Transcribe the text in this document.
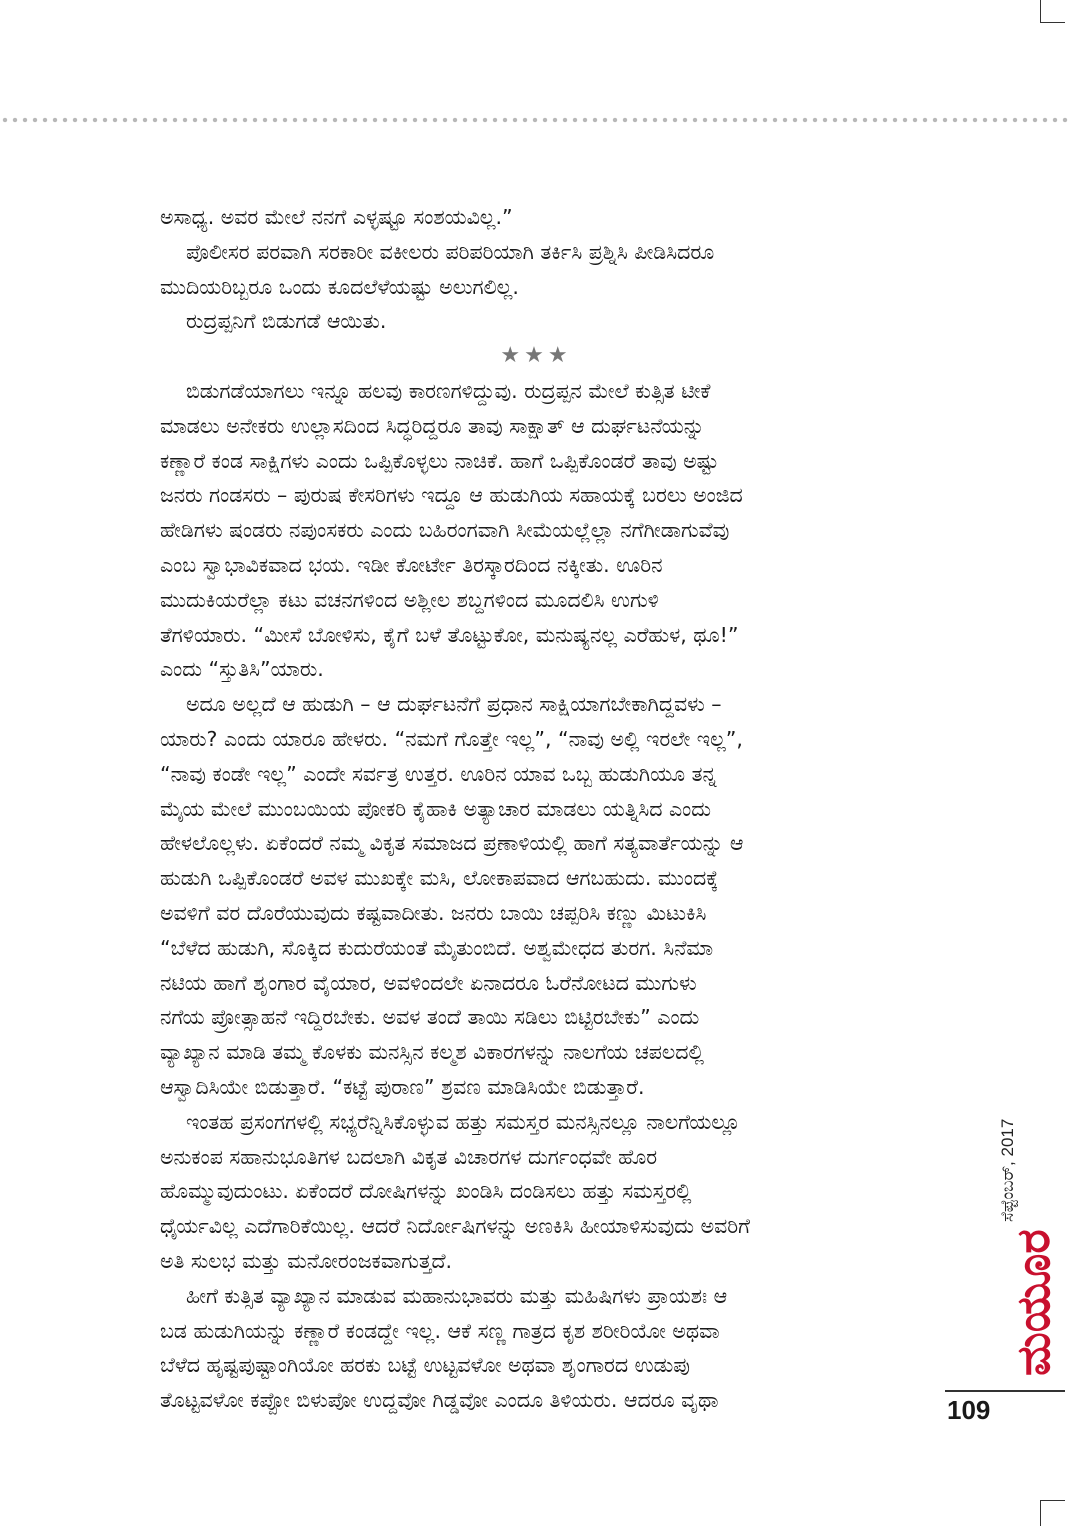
ಅಸಾಧ್ಯ. ಅವರ ಮೇಲೆ ನನಗೆ ಎಳ್ಳಷ್ಟೂ ಸಂಶಯವಿಲ್ಲ.”

ಪೊಲೀಸರ ಪರವಾಗಿ ಸರಕಾರೀ ವಕೀಲರು ಪರಿಪರಿಯಾಗಿ ತರ್ಕಿಸಿ ಪ್ರಶ್ನಿಸಿ ಪೀಡಿಸಿದರೂ

ಮುದಿಯರಿಬ್ಬರೂ ಒಂದು ಕೂದಲೆಳೆಯಷ್ಟು ಅಲುಗಲಿಲ್ಲ.

ರುದ್ರಪ್ಪನಿಗೆ ಬಿಡುಗಡೆ ಆಯಿತು.

★★★

ಬಿಡುಗಡೆಯಾಗಲು ಇನ್ನೂ ಹಲವು ಕಾರಣಗಳಿದ್ದುವು. ರುದ್ರಪ್ಪನ ಮೇಲೆ ಕುತ್ಸಿತ ಟೀಕೆ

ಮಾಡಲು ಅನೇಕರು ಉಲ್ಲಾಸದಿಂದ ಸಿದ್ಧರಿದ್ದರೂ ತಾವು ಸಾಕ್ಷಾತ್ ಆ ದುರ್ಘಟನೆಯನ್ನು

ಕಣ್ಣಾರೆ ಕಂಡ ಸಾಕ್ಷಿಗಳು ಎಂದು ಒಪ್ಪಿಕೊಳ್ಳಲು ನಾಚಿಕೆ. ಹಾಗೆ ಒಪ್ಪಿಕೊಂಡರೆ ತಾವು ಅಷ್ಟು

ಜನರು ಗಂಡಸರು – ಪುರುಷ ಕೇಸರಿಗಳು ಇದ್ದೂ ಆ ಹುಡುಗಿಯ ಸಹಾಯಕ್ಕೆ ಬರಲು ಅಂಜಿದ

ಹೇಡಿಗಳು ಷಂಡರು ನಪುಂಸಕರು ಎಂದು ಬಹಿರಂಗವಾಗಿ ಸೀಮೆಯಲ್ಲೆಲ್ಲಾ ನಗೆಗೀಡಾಗುವೆವು

ಎಂಬ ಸ್ವಾಭಾವಿಕವಾದ ಭಯ. ಇಡೀ ಕೋರ್ಟೇ ತಿರಸ್ಕಾರದಿಂದ ನಕ್ಕೀತು. ಊರಿನ

ಮುದುಕಿಯರೆಲ್ಲಾ ಕಟು ವಚನಗಳಿಂದ ಅಶ್ಲೀಲ ಶಬ್ದಗಳಿಂದ ಮೂದಲಿಸಿ ಉಗುಳಿ

ತೆಗಳಿಯಾರು. “ಮೀಸೆ ಬೋಳಿಸು, ಕೈಗೆ ಬಳೆ ತೊಟ್ಟುಕೋ, ಮನುಷ್ಯನಲ್ಲ ಎರೆಹುಳ, ಥೂ!”

ಎಂದು “ಸ್ತುತಿಸಿ”ಯಾರು.

ಅದೂ ಅಲ್ಲದೆ ಆ ಹುಡುಗಿ – ಆ ದುರ್ಘಟನೆಗೆ ಪ್ರಧಾನ ಸಾಕ್ಷಿಯಾಗಬೇಕಾಗಿದ್ದವಳು –

ಯಾರು? ಎಂದು ಯಾರೂ ಹೇಳರು. “ನಮಗೆ ಗೊತ್ತೇ ಇಲ್ಲ”, “ನಾವು ಅಲ್ಲಿ ಇರಲೇ ಇಲ್ಲ”,

“ನಾವು ಕಂಡೇ ಇಲ್ಲ” ಎಂದೇ ಸರ್ವತ್ರ ಉತ್ತರ. ಊರಿನ ಯಾವ ಒಬ್ಬ ಹುಡುಗಿಯೂ ತನ್ನ

ಮೈಯ ಮೇಲೆ ಮುಂಬಯಿಯ ಪೋಕರಿ ಕೈಹಾಕಿ ಅತ್ಯಾಚಾರ ಮಾಡಲು ಯತ್ನಿಸಿದ ಎಂದು

ಹೇಳಲೊಲ್ಲಳು. ಏಕೆಂದರೆ ನಮ್ಮ ವಿಕೃತ ಸಮಾಜದ ಪ್ರಣಾಳಿಯಲ್ಲಿ ಹಾಗೆ ಸತ್ಯವಾರ್ತೆಯನ್ನು ಆ

ಹುಡುಗಿ ಒಪ್ಪಿಕೊಂಡರೆ ಅವಳ ಮುಖಕ್ಕೇ ಮಸಿ, ಲೋಕಾಪವಾದ ಆಗಬಹುದು. ಮುಂದಕ್ಕೆ

ಅವಳಿಗೆ ವರ ದೊರೆಯುವುದು ಕಷ್ಟವಾದೀತು. ಜನರು ಬಾಯಿ ಚಪ್ಪರಿಸಿ ಕಣ್ಣು ಮಿಟುಕಿಸಿ

“ಬೆಳೆದ ಹುಡುಗಿ, ಸೊಕ್ಕಿದ ಕುದುರೆಯಂತೆ ಮೈತುಂಬಿದೆ. ಅಶ್ವಮೇಧದ ತುರಗ. ಸಿನೆಮಾ

ನಟಿಯ ಹಾಗೆ ಶೃಂಗಾರ ವೈಯಾರ, ಅವಳಿಂದಲೇ ಏನಾದರೂ ಓರೆನೋಟದ ಮುಗುಳು

ನಗೆಯ ಪ್ರೋತ್ಸಾಹನೆ ಇದ್ದಿರಬೇಕು. ಅವಳ ತಂದೆ ತಾಯಿ ಸಡಿಲು ಬಿಟ್ಟಿರಬೇಕು” ಎಂದು

ವ್ಯಾಖ್ಯಾನ ಮಾಡಿ ತಮ್ಮ ಕೊಳಕು ಮನಸ್ಸಿನ ಕಲ್ಮಶ ವಿಕಾರಗಳನ್ನು ನಾಲಗೆಯ ಚಪಲದಲ್ಲಿ

ಆಸ್ವಾದಿಸಿಯೇ ಬಿಡುತ್ತಾರೆ. “ಕಟ್ಟೆ ಪುರಾಣ” ಶ್ರವಣ ಮಾಡಿಸಿಯೇ ಬಿಡುತ್ತಾರೆ.

ಇಂತಹ ಪ್ರಸಂಗಗಳಲ್ಲಿ ಸಭ್ಯರೆನ್ನಿಸಿಕೊಳ್ಳುವ ಹತ್ತು ಸಮಸ್ತರ ಮನಸ್ಸಿನಲ್ಲೂ ನಾಲಗೆಯಲ್ಲೂ

ಅನುಕಂಪ ಸಹಾನುಭೂತಿಗಳ ಬದಲಾಗಿ ವಿಕೃತ ವಿಚಾರಗಳ ದುರ್ಗಂಧವೇ ಹೊರ

ಹೊಮ್ಮುವುದುಂಟು. ಏಕೆಂದರೆ ದೋಷಿಗಳನ್ನು ಖಂಡಿಸಿ ದಂಡಿಸಲು ಹತ್ತು ಸಮಸ್ತರಲ್ಲಿ

ಧೈರ್ಯವಿಲ್ಲ ಎದೆಗಾರಿಕೆಯಿಲ್ಲ. ಆದರೆ ನಿರ್ದೋಷಿಗಳನ್ನು ಅಣಕಿಸಿ ಹೀಯಾಳಿಸುವುದು ಅವರಿಗೆ

ಅತಿ ಸುಲಭ ಮತ್ತು ಮನೋರಂಜಕವಾಗುತ್ತದೆ.

ಹೀಗೆ ಕುತ್ಸಿತ ವ್ಯಾಖ್ಯಾನ ಮಾಡುವ ಮಹಾನುಭಾವರು ಮತ್ತು ಮಹಿಷಿಗಳು ಪ್ರಾಯಶಃ ಆ

ಬಡ ಹುಡುಗಿಯನ್ನು ಕಣ್ಣಾರೆ ಕಂಡದ್ದೇ ಇಲ್ಲ. ಆಕೆ ಸಣ್ಣ ಗಾತ್ರದ ಕೃಶ ಶರೀರಿಯೋ ಅಥವಾ

ಬೆಳೆದ ಹೃಷ್ಟಪುಷ್ಟಾಂಗಿಯೋ ಹರಕು ಬಟ್ಟೆ ಉಟ್ಟವಳೋ ಅಥವಾ ಶೃಂಗಾರದ ಉಡುಪು

ತೊಟ್ಟವಳೋ ಕಪ್ಪೋ ಬಿಳುಪೋ ಉದ್ದವೋ ಗಿಡ್ಡವೋ ಎಂದೂ ತಿಳಿಯರು. ಆದರೂ ವೃಥಾ

ಸೆಪ್ಟೆಂಬರ್, 2017
ಮಯೂರ
109
